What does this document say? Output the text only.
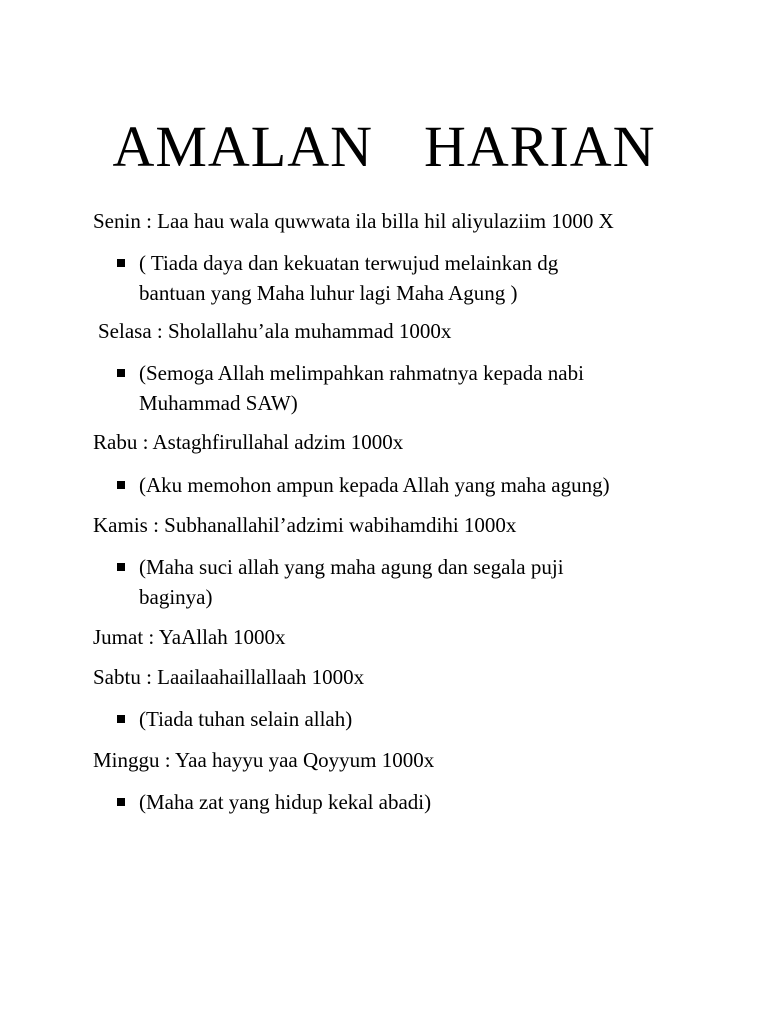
AMALAN  HARIAN
Senin : Laa hau wala quwwata ila billa hil aliyulaziim 1000 X
( Tiada daya dan kekuatan terwujud melainkan dg bantuan yang Maha luhur lagi Maha Agung )
Selasa : Sholallahu’ala muhammad 1000x
(Semoga Allah melimpahkan rahmatnya kepada nabi Muhammad SAW)
Rabu : Astaghfirullahal adzim 1000x
(Aku memohon ampun kepada Allah yang maha agung)
Kamis : Subhanallahil’adzimi wabihamdihi 1000x
(Maha suci allah yang maha agung dan segala puji baginya)
Jumat : YaAllah 1000x
Sabtu : Laailaahaillallaah 1000x
(Tiada tuhan selain allah)
Minggu : Yaa hayyu yaa Qoyyum 1000x
(Maha zat yang hidup kekal abadi)
